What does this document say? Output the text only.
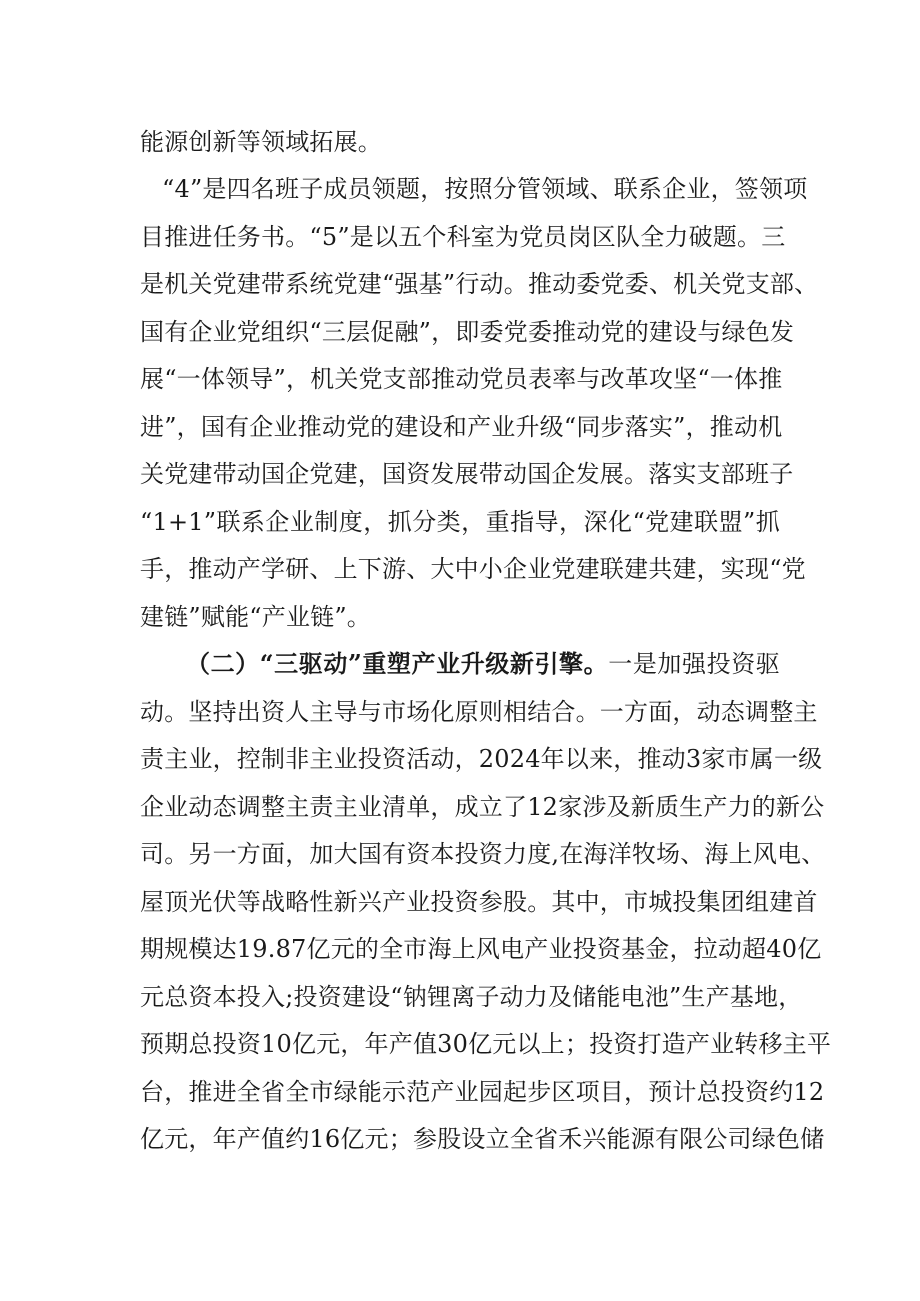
能源创新等领域拓展。
“4”是四名班子成员领题，按照分管领域、联系企业，签领项
目推进任务书。“5”是以五个科室为党员岗区队全力破题。三
是机关党建带系统党建“强基”行动。推动委党委、机关党支部、
国有企业党组织“三层促融”，即委党委推动党的建设与绿色发
展“一体领导”，机关党支部推动党员表率与改革攻坚“一体推
进”，国有企业推动党的建设和产业升级“同步落实”，推动机
关党建带动国企党建，国资发展带动国企发展。落实支部班子
“1+1”联系企业制度，抓分类，重指导，深化“党建联盟”抓
手，推动产学研、上下游、大中小企业党建联建共建，实现“党
建链”赋能“产业链”。
（二）“三驱动”重塑产业升级新引擎。一是加强投资驱
动。坚持出资人主导与市场化原则相结合。一方面，动态调整主
责主业，控制非主业投资活动，2024年以来，推动3家市属一级
企业动态调整主责主业清单，成立了12家涉及新质生产力的新公
司。另一方面，加大国有资本投资力度,在海洋牧场、海上风电、
屋顶光伏等战略性新兴产业投资参股。其中，市城投集团组建首
期规模达19.87亿元的全市海上风电产业投资基金，拉动超40亿
元总资本投入;投资建设“钠锂离子动力及储能电池”生产基地，
预期总投资10亿元，年产值30亿元以上；投资打造产业转移主平
台，推进全省全市绿能示范产业园起步区项目，预计总投资约12
亿元，年产值约16亿元；参股设立全省禾兴能源有限公司绿色储
